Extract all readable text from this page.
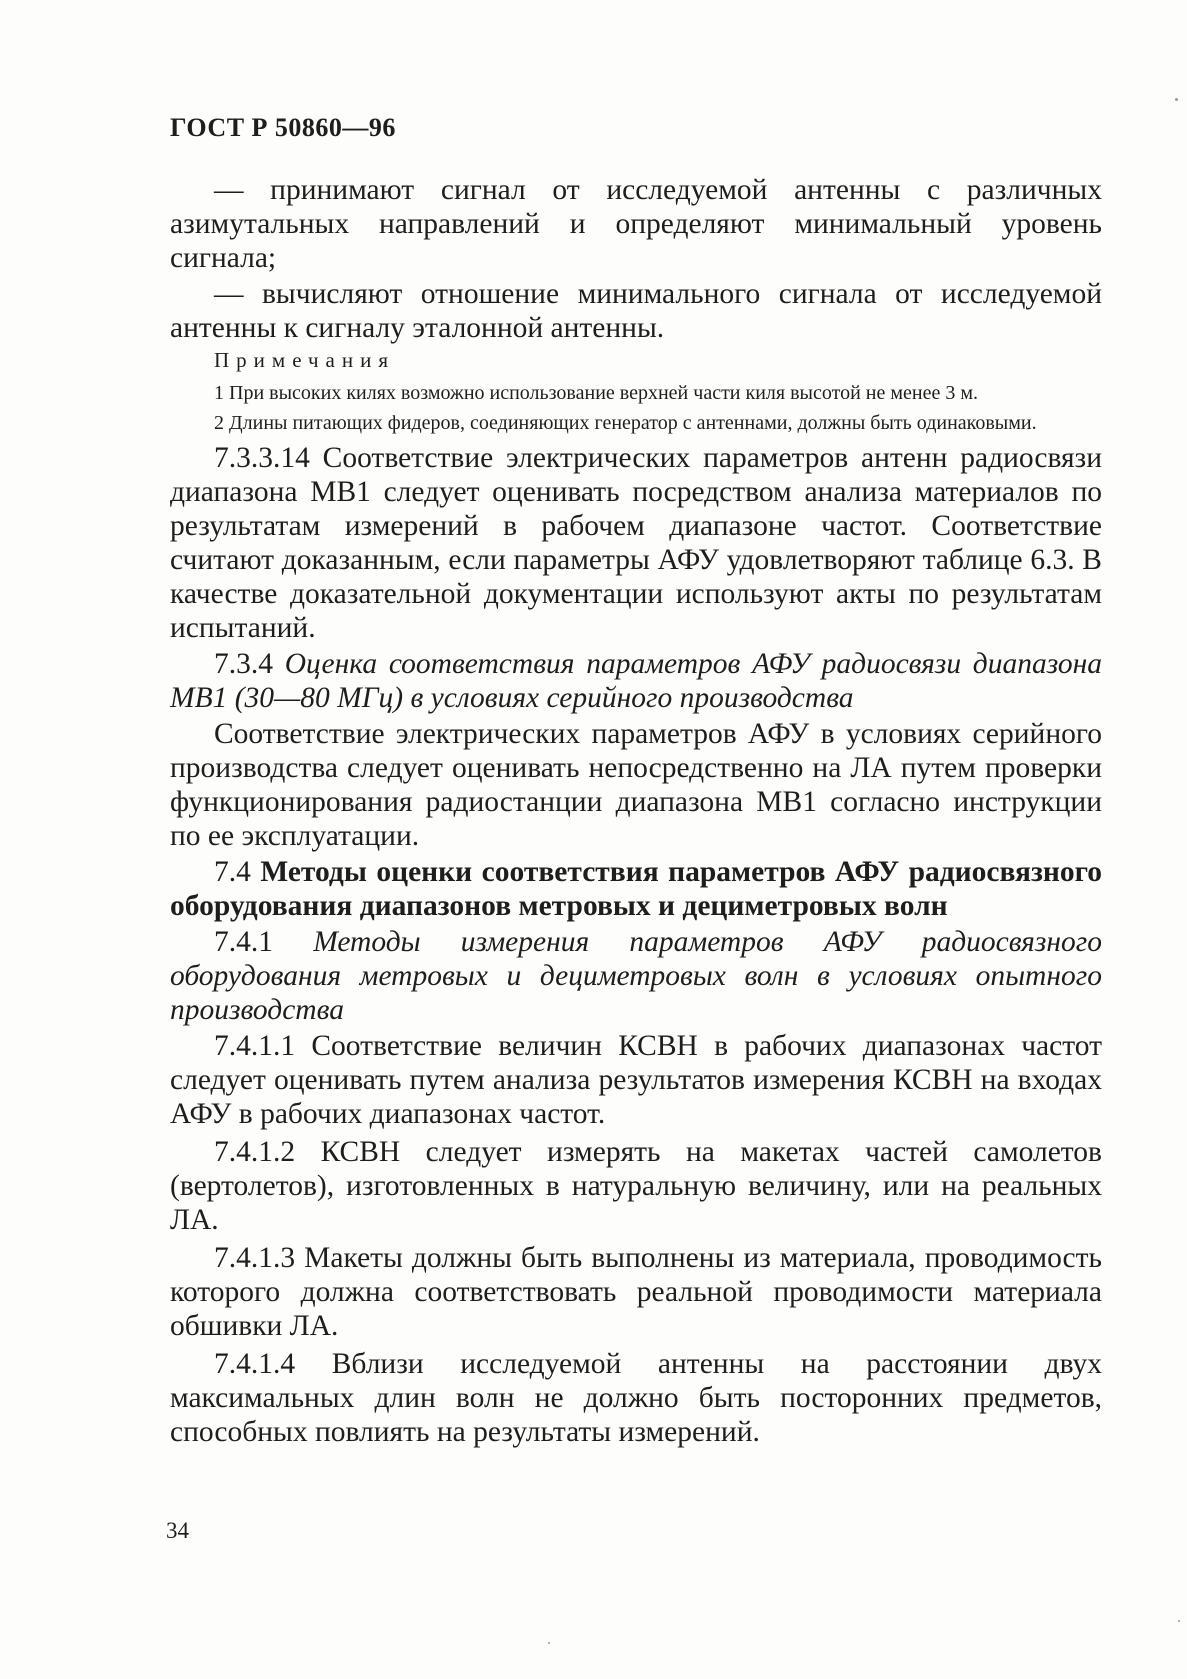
ГОСТ Р 50860—96
— принимают сигнал от исследуемой антенны с различных азимутальных направлений и определяют минимальный уровень сигнала;
— вычисляют отношение минимального сигнала от исследуемой антенны к сигналу эталонной антенны.
Примечания
1 При высоких килях возможно использование верхней части киля высотой не менее 3 м.
2 Длины питающих фидеров, соединяющих генератор с антеннами, должны быть одинаковыми.
7.3.3.14 Соответствие электрических параметров антенн радиосвязи диапазона МВ1 следует оценивать посредством анализа материалов по результатам измерений в рабочем диапазоне частот. Соответствие считают доказанным, если параметры АФУ удовлетворяют таблице 6.3. В качестве доказательной документации используют акты по результатам испытаний.
7.3.4 Оценка соответствия параметров АФУ радиосвязи диапазона МВ1 (30—80 МГц) в условиях серийного производства
Соответствие электрических параметров АФУ в условиях серийного производства следует оценивать непосредственно на ЛА путем проверки функционирования радиостанции диапазона МВ1 согласно инструкции по ее эксплуатации.
7.4 Методы оценки соответствия параметров АФУ радиосвязного оборудования диапазонов метровых и дециметровых волн
7.4.1 Методы измерения параметров АФУ радиосвязного оборудования метровых и дециметровых волн в условиях опытного производства
7.4.1.1 Соответствие величин КСВН в рабочих диапазонах частот следует оценивать путем анализа результатов измерения КСВН на входах АФУ в рабочих диапазонах частот.
7.4.1.2 КСВН следует измерять на макетах частей самолетов (вертолетов), изготовленных в натуральную величину, или на реальных ЛА.
7.4.1.3 Макеты должны быть выполнены из материала, проводимость которого должна соответствовать реальной проводимости материала обшивки ЛА.
7.4.1.4 Вблизи исследуемой антенны на расстоянии двух максимальных длин волн не должно быть посторонних предметов, способных повлиять на результаты измерений.
34
